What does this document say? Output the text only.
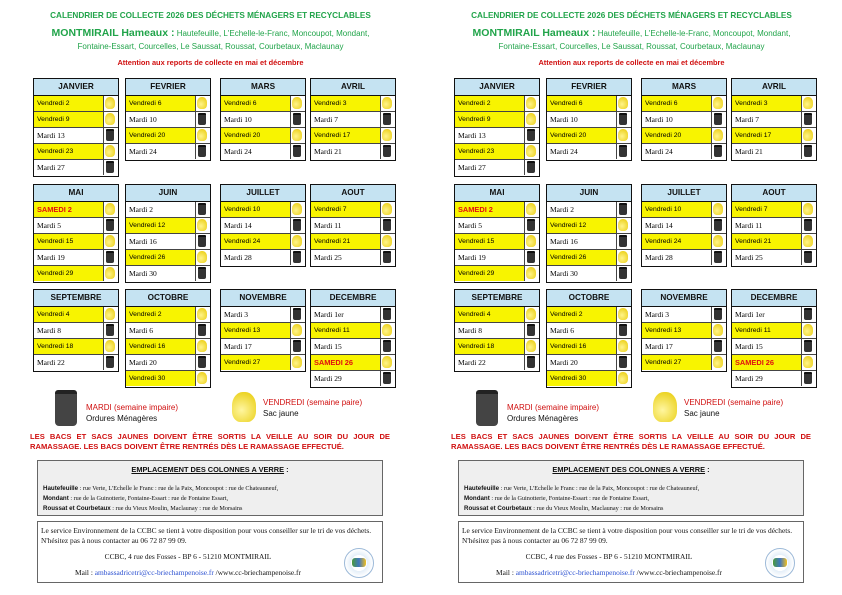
CALENDRIER DE COLLECTE 2026 DES DÉCHETS MÉNAGERS ET RECYCLABLES
MONTMIRAIL Hameaux : Hautefeuille, L'Echelle-le-Franc, Moncoupot, Mondant,
Fontaine-Essart, Courcelles, Le Saussat, Roussat, Courbetaux, Maclaunay
Attention aux reports de collecte en mai et décembre
JANVIER
Vendredi 2
Vendredi 9
Mardi 13
Vendredi 23
Mardi 27
FEVRIER
Vendredi 6
Mardi 10
Vendredi 20
Mardi 24
MARS
Vendredi 6
Mardi 10
Vendredi 20
Mardi 24
AVRIL
Vendredi 3
Mardi 7
Vendredi 17
Mardi 21
MAI
SAMEDI 2
Mardi 5
Vendredi 15
Mardi 19
Vendredi 29
JUIN
Mardi 2
Vendredi 12
Mardi 16
Vendredi 26
Mardi 30
JUILLET
Vendredi 10
Mardi 14
Vendredi 24
Mardi 28
AOUT
Vendredi 7
Mardi 11
Vendredi 21
Mardi 25
SEPTEMBRE
Vendredi 4
Mardi 8
Vendredi 18
Mardi 22
OCTOBRE
Vendredi 2
Mardi 6
Vendredi 16
Mardi 20
Vendredi 30
NOVEMBRE
Mardi 3
Vendredi 13
Mardi 17
Vendredi 27
DECEMBRE
Mardi 1er
Vendredi 11
Mardi 15
SAMEDI 26
Mardi 29
MARDI (semaine impaire)
Ordures Ménagères
VENDREDI (semaine paire)
Sac jaune
LES BACS ET SACS JAUNES DOIVENT ÊTRE SORTIS LA VEILLE AU SOIR DU JOUR DE RAMASSAGE. LES BACS DOIVENT ÊTRE RENTRÉS DÈS LE RAMASSAGE EFFECTUÉ.
EMPLACEMENT DES COLONNES A VERRE :
Hautefeuille : rue Verte, L'Echelle le Franc : rue de la Paix, Moncoupot : rue de Chateauneuf,
Mondant : rue de la Guinotterie, Fontaine-Essart : rue de Fontaine Essart,
Roussat et Courbetaux : rue du Vieux Moulin, Maclaunay : rue de Morsains
Le service Environnement de la CCBC se tient à votre disposition pour vous conseiller sur le tri de vos déchets. N'hésitez pas à nous contacter au 06 72 87 99 09.
CCBC, 4 rue des Fosses - BP 6 - 51210 MONTMIRAIL
Mail : ambassadricetri@cc-briechampenoise.fr /www.cc-briechampenoise.fr
CALENDRIER DE COLLECTE 2026 DES DÉCHETS MÉNAGERS ET RECYCLABLES
MONTMIRAIL Hameaux : Hautefeuille, L'Echelle-le-Franc, Moncoupot, Mondant,
Fontaine-Essart, Courcelles, Le Saussat, Roussat, Courbetaux, Maclaunay
Attention aux reports de collecte en mai et décembre
JANVIER
Vendredi 2
Vendredi 9
Mardi 13
Vendredi 23
Mardi 27
FEVRIER
Vendredi 6
Mardi 10
Vendredi 20
Mardi 24
MARS
Vendredi 6
Mardi 10
Vendredi 20
Mardi 24
AVRIL
Vendredi 3
Mardi 7
Vendredi 17
Mardi 21
MAI
SAMEDI 2
Mardi 5
Vendredi 15
Mardi 19
Vendredi 29
JUIN
Mardi 2
Vendredi 12
Mardi 16
Vendredi 26
Mardi 30
JUILLET
Vendredi 10
Mardi 14
Vendredi 24
Mardi 28
AOUT
Vendredi 7
Mardi 11
Vendredi 21
Mardi 25
SEPTEMBRE
Vendredi 4
Mardi 8
Vendredi 18
Mardi 22
OCTOBRE
Vendredi 2
Mardi 6
Vendredi 16
Mardi 20
Vendredi 30
NOVEMBRE
Mardi 3
Vendredi 13
Mardi 17
Vendredi 27
DECEMBRE
Mardi 1er
Vendredi 11
Mardi 15
SAMEDI 26
Mardi 29
MARDI (semaine impaire)
Ordures Ménagères
VENDREDI (semaine paire)
Sac jaune
LES BACS ET SACS JAUNES DOIVENT ÊTRE SORTIS LA VEILLE AU SOIR DU JOUR DE RAMASSAGE. LES BACS DOIVENT ÊTRE RENTRÉS DÈS LE RAMASSAGE EFFECTUÉ.
EMPLACEMENT DES COLONNES A VERRE :
Hautefeuille : rue Verte, L'Echelle le Franc : rue de la Paix, Moncoupot : rue de Chateauneuf,
Mondant : rue de la Guinotterie, Fontaine-Essart : rue de Fontaine Essart,
Roussat et Courbetaux : rue du Vieux Moulin, Maclaunay : rue de Morsains
Le service Environnement de la CCBC se tient à votre disposition pour vous conseiller sur le tri de vos déchets. N'hésitez pas à nous contacter au 06 72 87 99 09.
CCBC, 4 rue des Fosses - BP 6 - 51210 MONTMIRAIL
Mail : ambassadricetri@cc-briechampenoise.fr /www.cc-briechampenoise.fr
